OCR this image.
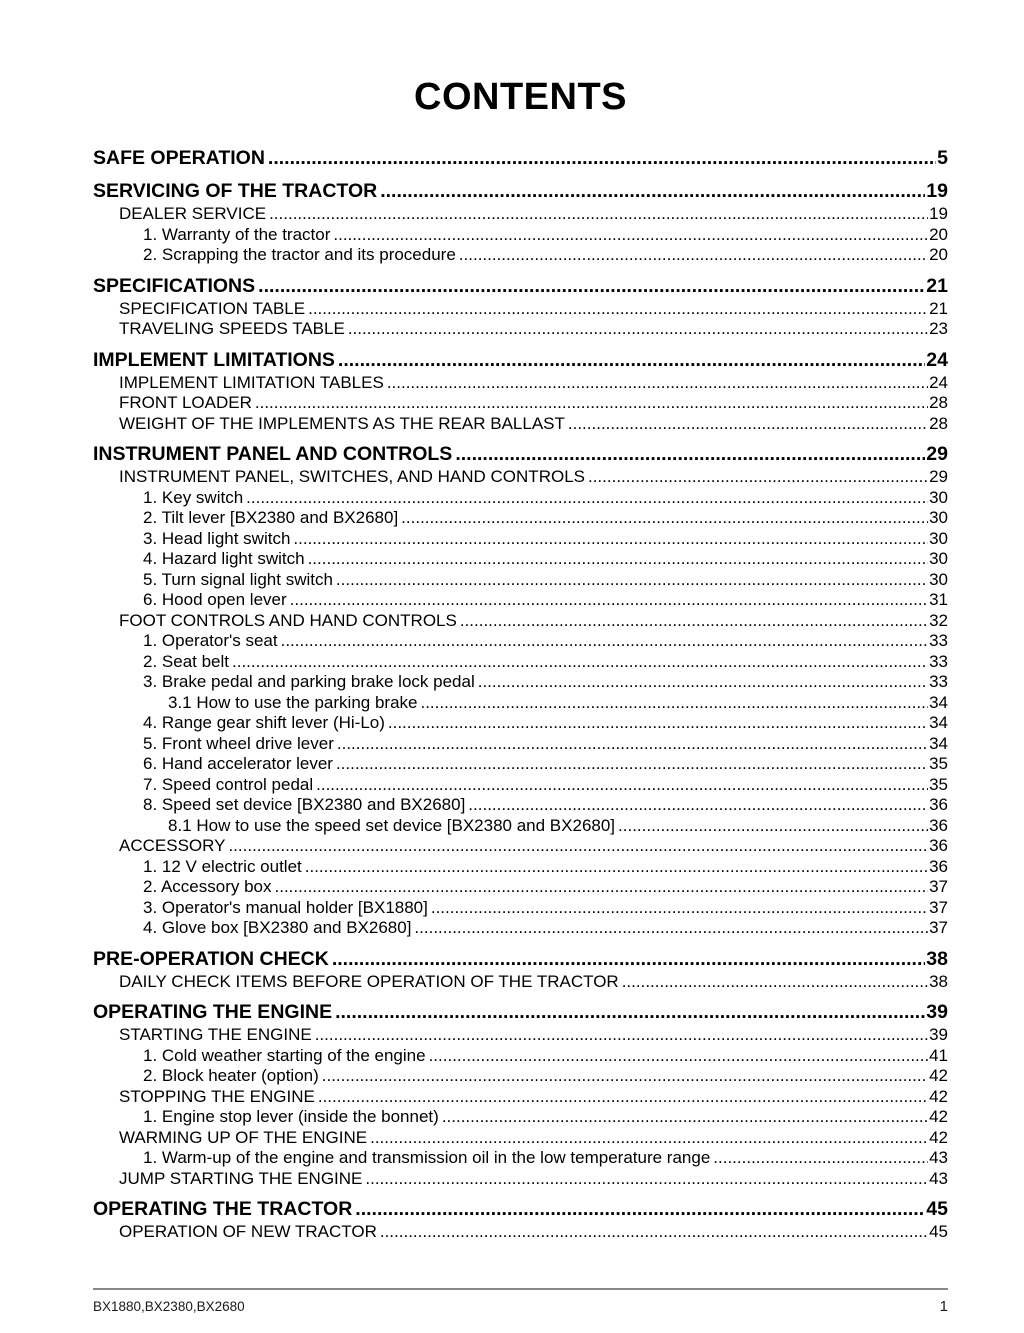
CONTENTS
SAFE OPERATION .....	5
SERVICING OF THE TRACTOR .....	19
DEALER SERVICE .....	19
1. Warranty of the tractor .....	20
2. Scrapping the tractor and its procedure .....	20
SPECIFICATIONS .....	21
SPECIFICATION TABLE .....	21
TRAVELING SPEEDS TABLE .....	23
IMPLEMENT LIMITATIONS .....	24
IMPLEMENT LIMITATION TABLES .....	24
FRONT LOADER .....	28
WEIGHT OF THE IMPLEMENTS AS THE REAR BALLAST .....	28
INSTRUMENT PANEL AND CONTROLS .....	29
INSTRUMENT PANEL, SWITCHES, AND HAND CONTROLS .....	29
1. Key switch .....	30
2. Tilt lever [BX2380 and BX2680] .....	30
3. Head light switch .....	30
4. Hazard light switch .....	30
5. Turn signal light switch .....	30
6. Hood open lever .....	31
FOOT CONTROLS AND HAND CONTROLS .....	32
1. Operator's seat .....	33
2. Seat belt .....	33
3. Brake pedal and parking brake lock pedal .....	33
3.1 How to use the parking brake .....	34
4. Range gear shift lever (Hi-Lo) .....	34
5. Front wheel drive lever .....	34
6. Hand accelerator lever .....	35
7. Speed control pedal .....	35
8. Speed set device [BX2380 and BX2680] .....	36
8.1 How to use the speed set device [BX2380 and BX2680] .....	36
ACCESSORY .....	36
1. 12 V electric outlet .....	36
2. Accessory box .....	37
3. Operator's manual holder [BX1880] .....	37
4. Glove box [BX2380 and BX2680] .....	37
PRE-OPERATION CHECK .....	38
DAILY CHECK ITEMS BEFORE OPERATION OF THE TRACTOR .....	38
OPERATING THE ENGINE .....	39
STARTING THE ENGINE .....	39
1. Cold weather starting of the engine .....	41
2. Block heater (option) .....	42
STOPPING THE ENGINE .....	42
1. Engine stop lever (inside the bonnet) .....	42
WARMING UP OF THE ENGINE .....	42
1. Warm-up of the engine and transmission oil in the low temperature range .....	43
JUMP STARTING THE ENGINE .....	43
OPERATING THE TRACTOR .....	45
OPERATION OF NEW TRACTOR .....	45
BX1880,BX2380,BX2680	1
